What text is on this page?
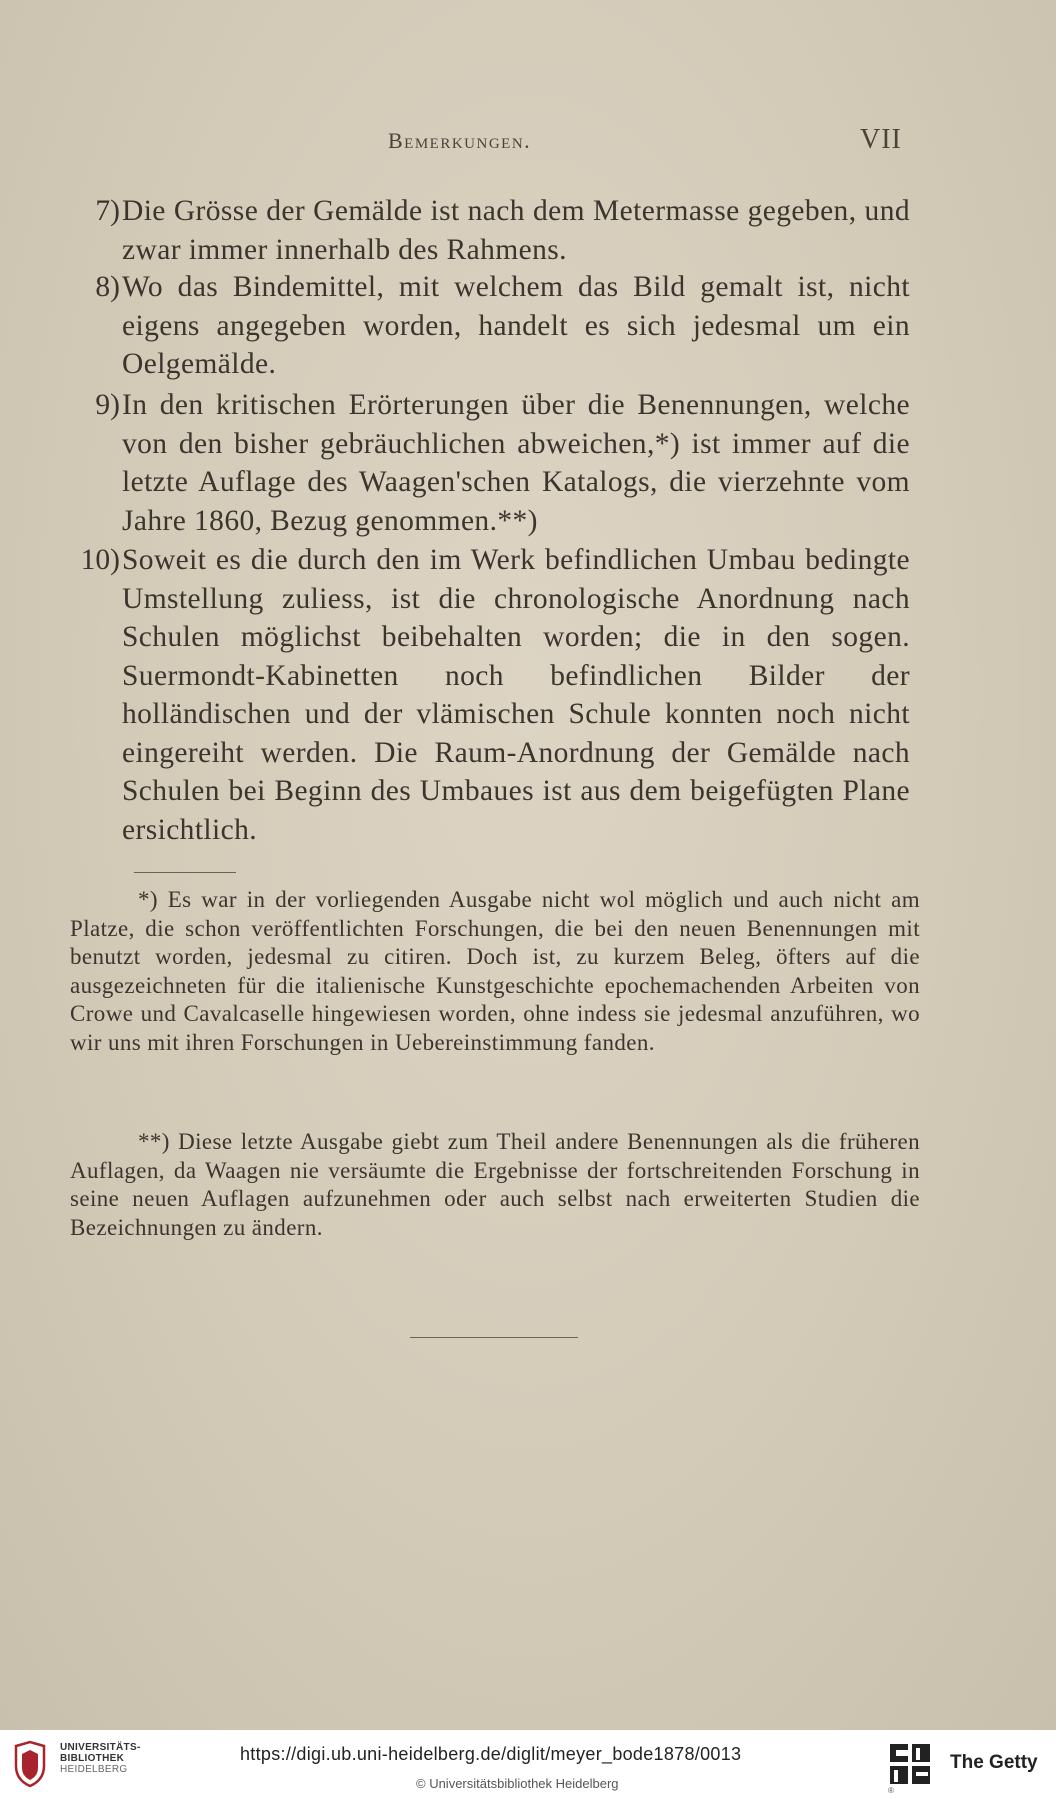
Bemerkungen.	VII
7) Die Grösse der Gemälde ist nach dem Metermasse gegeben, und zwar immer innerhalb des Rahmens.
8) Wo das Bindemittel, mit welchem das Bild gemalt ist, nicht eigens angegeben worden, handelt es sich jedesmal um ein Oelgemälde.
9) In den kritischen Erörterungen über die Benennungen, welche von den bisher gebräuchlichen abweichen,*) ist immer auf die letzte Auflage des Waagen'schen Katalogs, die vierzehnte vom Jahre 1860, Bezug genommen.**)
10) Soweit es die durch den im Werk befindlichen Umbau bedingte Umstellung zuliess, ist die chronologische Anordnung nach Schulen möglichst beibehalten worden; die in den sogen. Suermondt-Kabinetten noch befindlichen Bilder der holländischen und der vlämischen Schule konnten noch nicht eingereiht werden. Die Raum-Anordnung der Gemälde nach Schulen bei Beginn des Umbaues ist aus dem beigefügten Plane ersichtlich.
*) Es war in der vorliegenden Ausgabe nicht wol möglich und auch nicht am Platze, die schon veröffentlichten Forschungen, die bei den neuen Benennungen mit benutzt worden, jedesmal zu citiren. Doch ist, zu kurzem Beleg, öfters auf die ausgezeichneten für die italienische Kunstgeschichte epochemachenden Arbeiten von Crowe und Cavalcaselle hingewiesen worden, ohne indess sie jedesmal anzuführen, wo wir uns mit ihren Forschungen in Uebereinstimmung fanden.
**) Diese letzte Ausgabe giebt zum Theil andere Benennungen als die früheren Auflagen, da Waagen nie versäumte die Ergebnisse der fortschreitenden Forschung in seine neuen Auflagen aufzunehmen oder auch selbst nach erweiterten Studien die Bezeichnungen zu ändern.
UNIVERSITÄTS-
BIBLIOTHEK
HEIDELBERG
https://digi.ub.uni-heidelberg.de/diglit/meyer_bode1878/0013
© Universitätsbibliothek Heidelberg
The Getty
®
